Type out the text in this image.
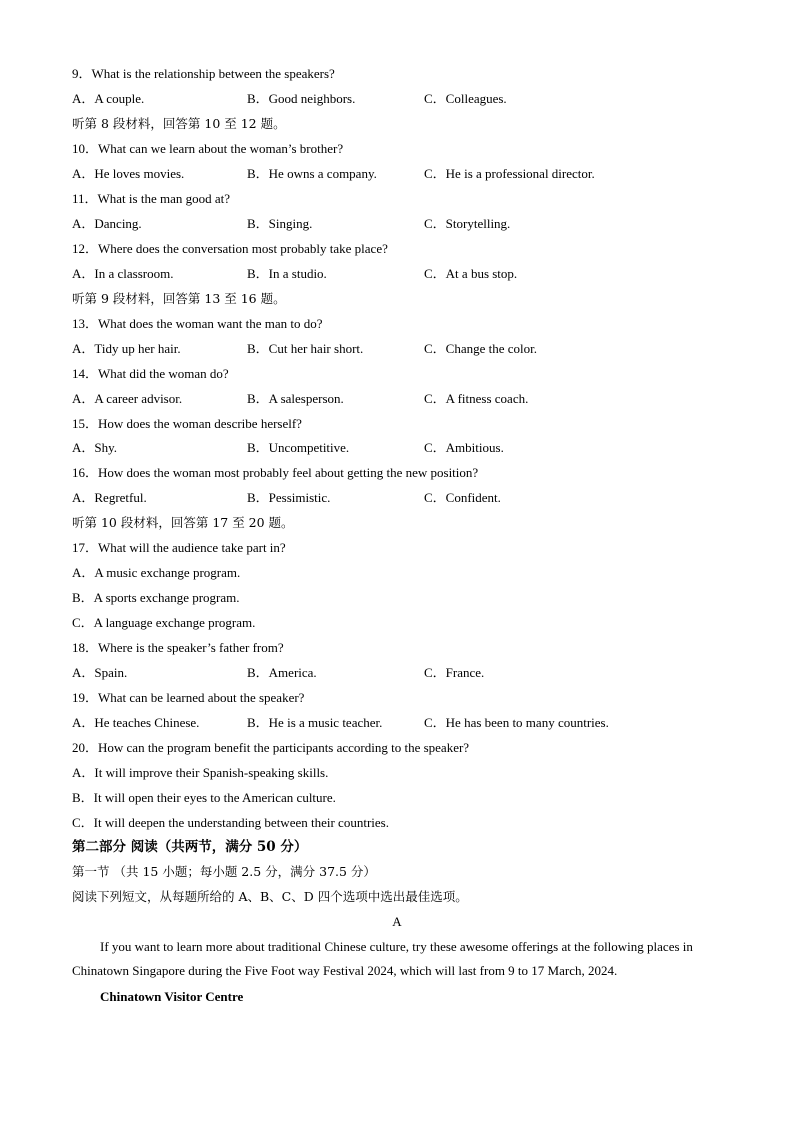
9．What is the relationship between the speakers?
A．A couple.	B．Good neighbors.	C．Colleagues.
听第 8 段材料，回答第 10 至 12 题。
10．What can we learn about the woman’s brother?
A．He loves movies.	B．He owns a company.	C．He is a professional director.
11．What is the man good at?
A．Dancing.	B．Singing.	C．Storytelling.
12．Where does the conversation most probably take place?
A．In a classroom.	B．In a studio.	C．At a bus stop.
听第 9 段材料，回答第 13 至 16 题。
13．What does the woman want the man to do?
A．Tidy up her hair.	B．Cut her hair short.	C．Change the color.
14．What did the woman do?
A．A career advisor.	B．A salesperson.	C．A fitness coach.
15．How does the woman describe herself?
A．Shy.	B．Uncompetitive.	C．Ambitious.
16．How does the woman most probably feel about getting the new position?
A．Regretful.	B．Pessimistic.	C．Confident.
听第 10 段材料，回答第 17 至 20 题。
17．What will the audience take part in?
A．A music exchange program.
B．A sports exchange program.
C．A language exchange program.
18．Where is the speaker’s father from?
A．Spain.	B．America.	C．France.
19．What can be learned about the speaker?
A．He teaches Chinese.	B．He is a music teacher.	C．He has been to many countries.
20．How can the program benefit the participants according to the speaker?
A．It will improve their Spanish-speaking skills.
B．It will open their eyes to the American culture.
C．It will deepen the understanding between their countries.
第二部分 阅读（共两节，满分 50 分）
第一节 （共 15 小题；每小题 2.5 分，满分 37.5 分）
阅读下列短文，从每题所给的 A、B、C、D 四个选项中选出最佳选项。
A
If you want to learn more about traditional Chinese culture, try these awesome offerings at the following places in Chinatown Singapore during the Five Foot way Festival 2024, which will last from 9 to 17 March, 2024.
Chinatown Visitor Centre
